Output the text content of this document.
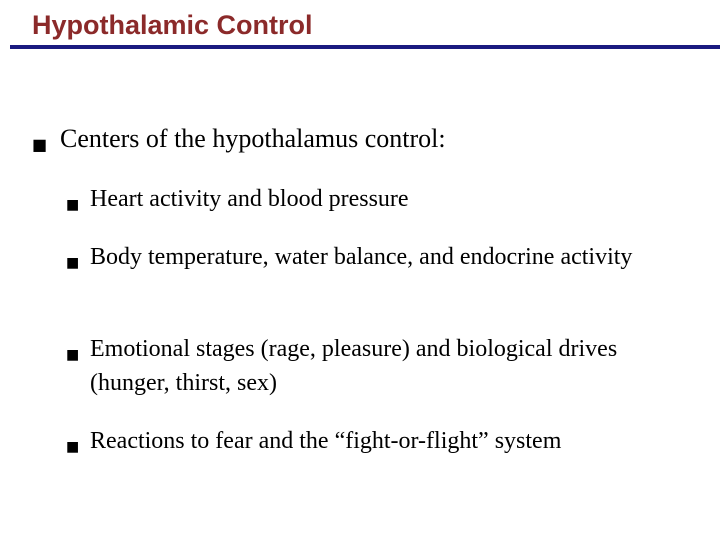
Hypothalamic Control
■ Centers of the hypothalamus control:
■ Heart activity and blood pressure
■ Body temperature, water balance, and endocrine activity
■ Emotional stages (rage, pleasure) and biological drives (hunger, thirst, sex)
■ Reactions to fear and the “fight-or-flight” system
